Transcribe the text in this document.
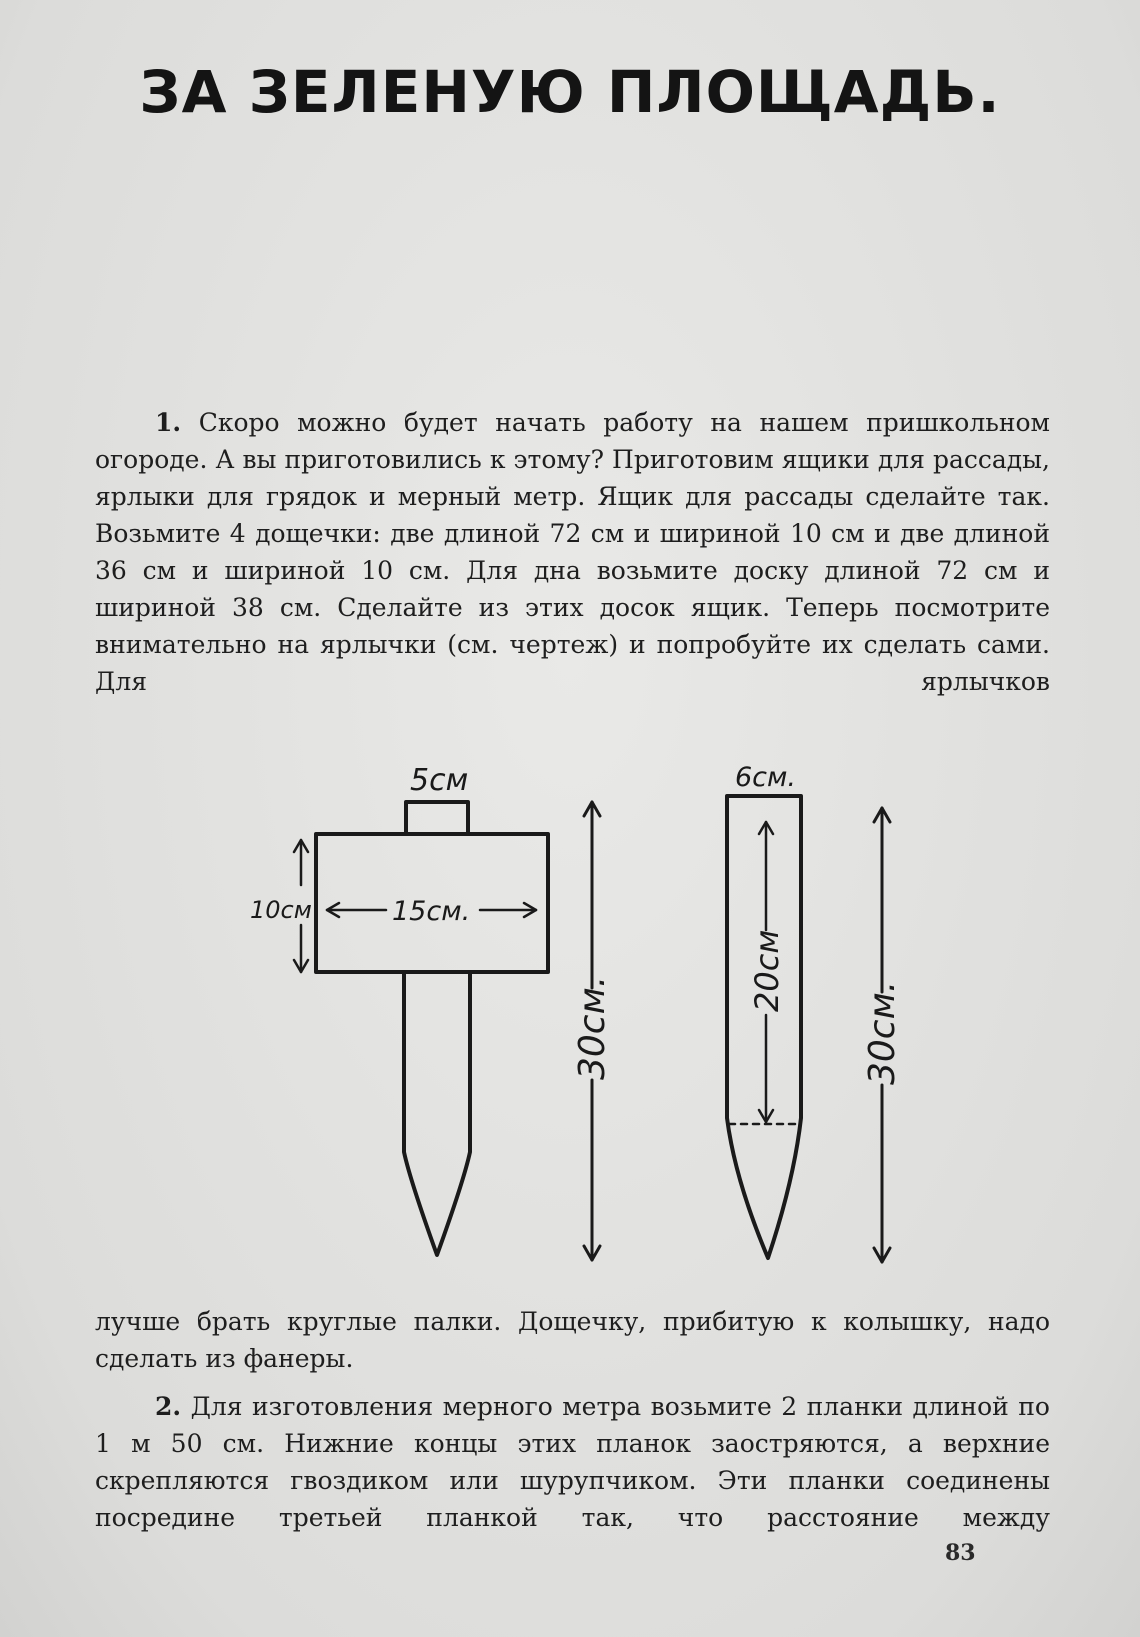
ЗА ЗЕЛЕНУЮ ПЛОЩАДЬ.
1. Скоро можно будет начать работу на нашем пришкольном огороде. А вы приготовились к этому? Приготовим ящики для рассады, ярлыки для грядок и мерный метр. Ящик для рассады сделайте так. Возьмите 4 дощечки: две длиной 72 см и шириной 10 см и две длиной 36 см и шириной 10 см. Для дна возьмите доску длиной 72 см и шириной 38 см. Сделайте из этих досок ящик. Теперь посмотрите внимательно на ярлычки (см. чертеж) и попробуйте их сделать сами. Для ярлычков
5см
10см	15см.
30см.
6см.
20см
30см.
лучше брать круглые палки. Дощечку, прибитую к колышку, надо сделать из фанеры.
2. Для изготовления мерного метра возьмите 2 планки длиной по 1 м 50 см. Нижние концы этих планок заостряются, а верхние скрепляются гвоздиком или шурупчиком. Эти планки соединены посредине третьей планкой так, что расстояние между
83
